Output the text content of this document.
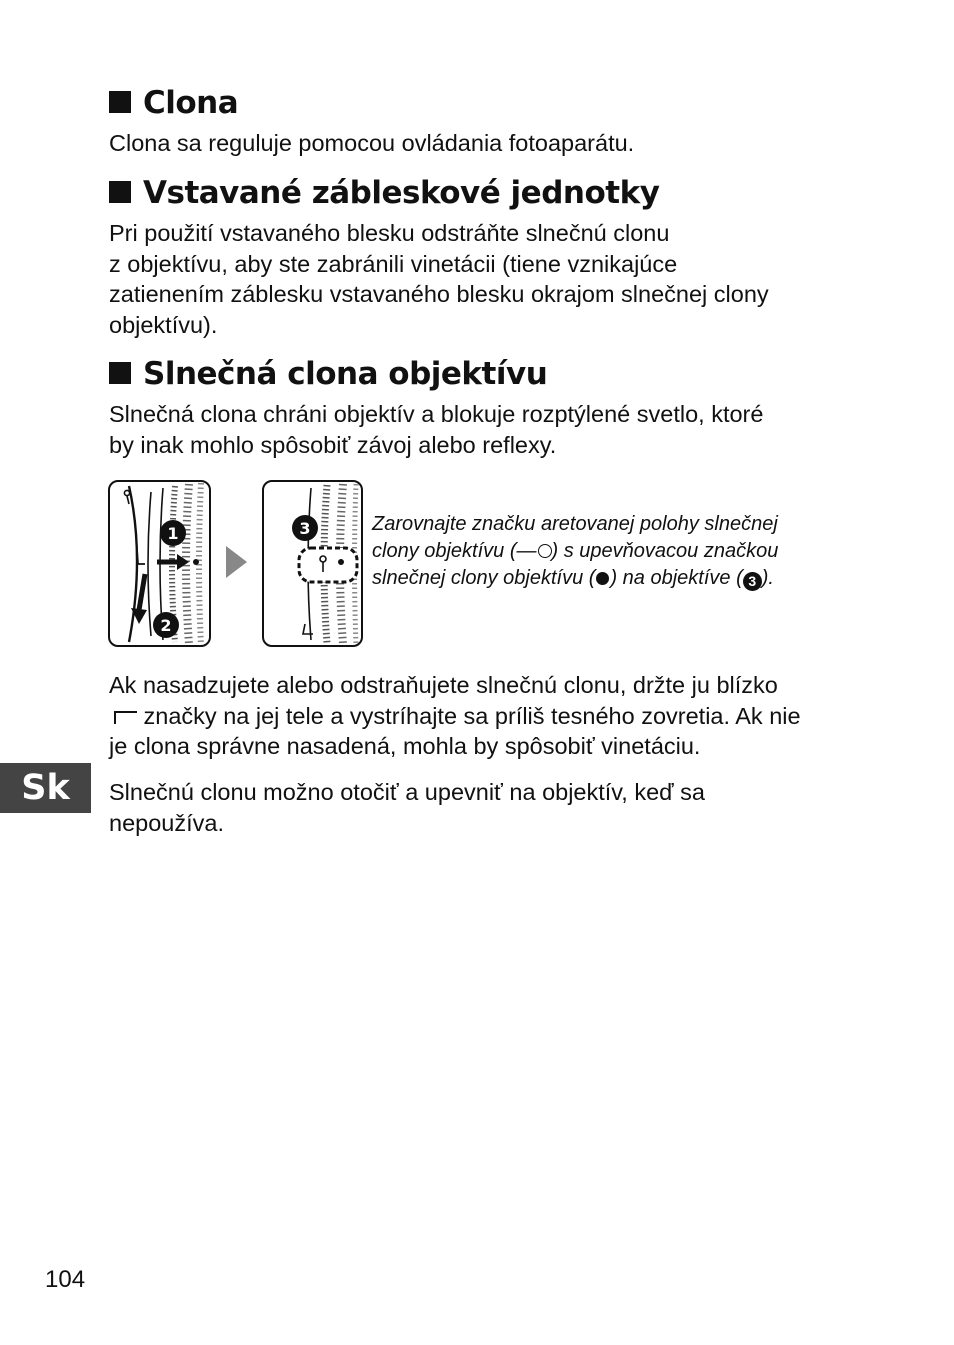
Clona

Clona sa reguluje pomocou ovládania fotoaparátu.

Vstavané zábleskové jednotky

Pri použití vstavaného blesku odstráňte slnečnú clonu
z objektívu, aby ste zabránili vinetácii (tiene vznikajúce
zatienením záblesku vstavaného blesku okrajom slnečnej clony
objektívu).

Slnečná clona objektívu

Slnečná clona chráni objektív a blokuje rozptýlené svetlo, ktoré
by inak mohlo spôsobiť závoj alebo reflexy.

1
2
3	Zarovnajte značku aretovanej polohy slnečnej
clony objektívu (— ) s upevňovacou značkou
slnečnej clony objektívu ( ) na objektíve ( 3 ).

Ak nasadzujete alebo odstraňujete slnečnú clonu, držte ju blízko
značky na jej tele a vystríhajte sa príliš tesného zovretia. Ak nie
je clona správne nasadená, mohla by spôsobiť vinetáciu.

Slnečnú clonu možno otočiť a upevniť na objektív, keď sa
nepoužíva.

Sk
104
